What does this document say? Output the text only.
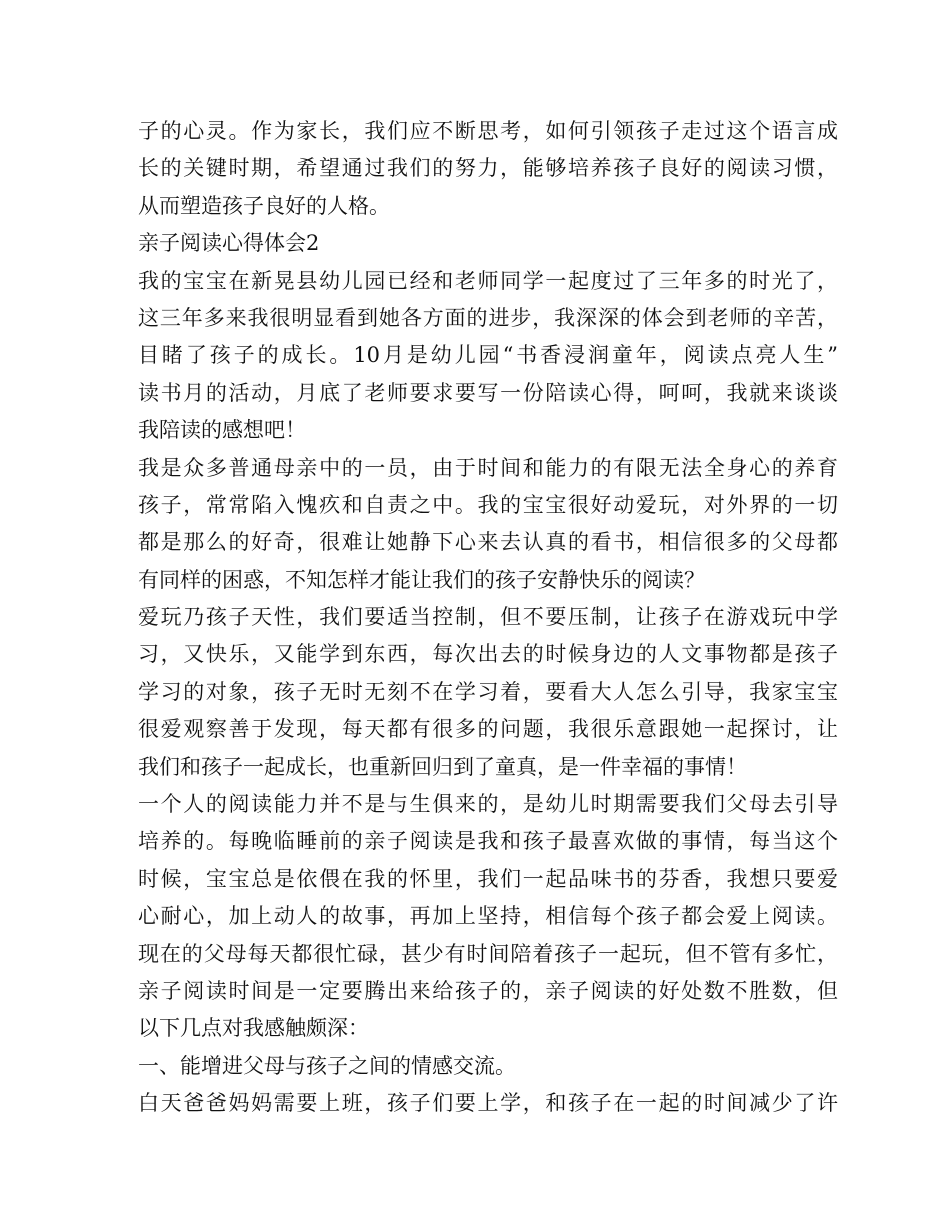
子的心灵。作为家长，我们应不断思考，如何引领孩子走过这个语言成
长的关键时期，希望通过我们的努力，能够培养孩子良好的阅读习惯，
从而塑造孩子良好的人格。
亲子阅读心得体会2
我的宝宝在新晃县幼儿园已经和老师同学一起度过了三年多的时光了，
这三年多来我很明显看到她各方面的进步，我深深的体会到老师的辛苦，
目睹了孩子的成长。10月是幼儿园“书香浸润童年，阅读点亮人生”
读书月的活动，月底了老师要求要写一份陪读心得，呵呵，我就来谈谈
我陪读的感想吧！
我是众多普通母亲中的一员，由于时间和能力的有限无法全身心的养育
孩子，常常陷入愧疚和自责之中。我的宝宝很好动爱玩，对外界的一切
都是那么的好奇，很难让她静下心来去认真的看书，相信很多的父母都
有同样的困惑，不知怎样才能让我们的孩子安静快乐的阅读？
爱玩乃孩子天性，我们要适当控制，但不要压制，让孩子在游戏玩中学
习，又快乐，又能学到东西，每次出去的时候身边的人文事物都是孩子
学习的对象，孩子无时无刻不在学习着，要看大人怎么引导，我家宝宝
很爱观察善于发现，每天都有很多的问题，我很乐意跟她一起探讨，让
我们和孩子一起成长，也重新回归到了童真，是一件幸福的事情！
一个人的阅读能力并不是与生俱来的，是幼儿时期需要我们父母去引导
培养的。每晚临睡前的亲子阅读是我和孩子最喜欢做的事情，每当这个
时候，宝宝总是依偎在我的怀里，我们一起品味书的芬香，我想只要爱
心耐心，加上动人的故事，再加上坚持，相信每个孩子都会爱上阅读。
现在的父母每天都很忙碌，甚少有时间陪着孩子一起玩，但不管有多忙，
亲子阅读时间是一定要腾出来给孩子的，亲子阅读的好处数不胜数，但
以下几点对我感触颇深：
一、能增进父母与孩子之间的情感交流。
白天爸爸妈妈需要上班，孩子们要上学，和孩子在一起的时间减少了许
